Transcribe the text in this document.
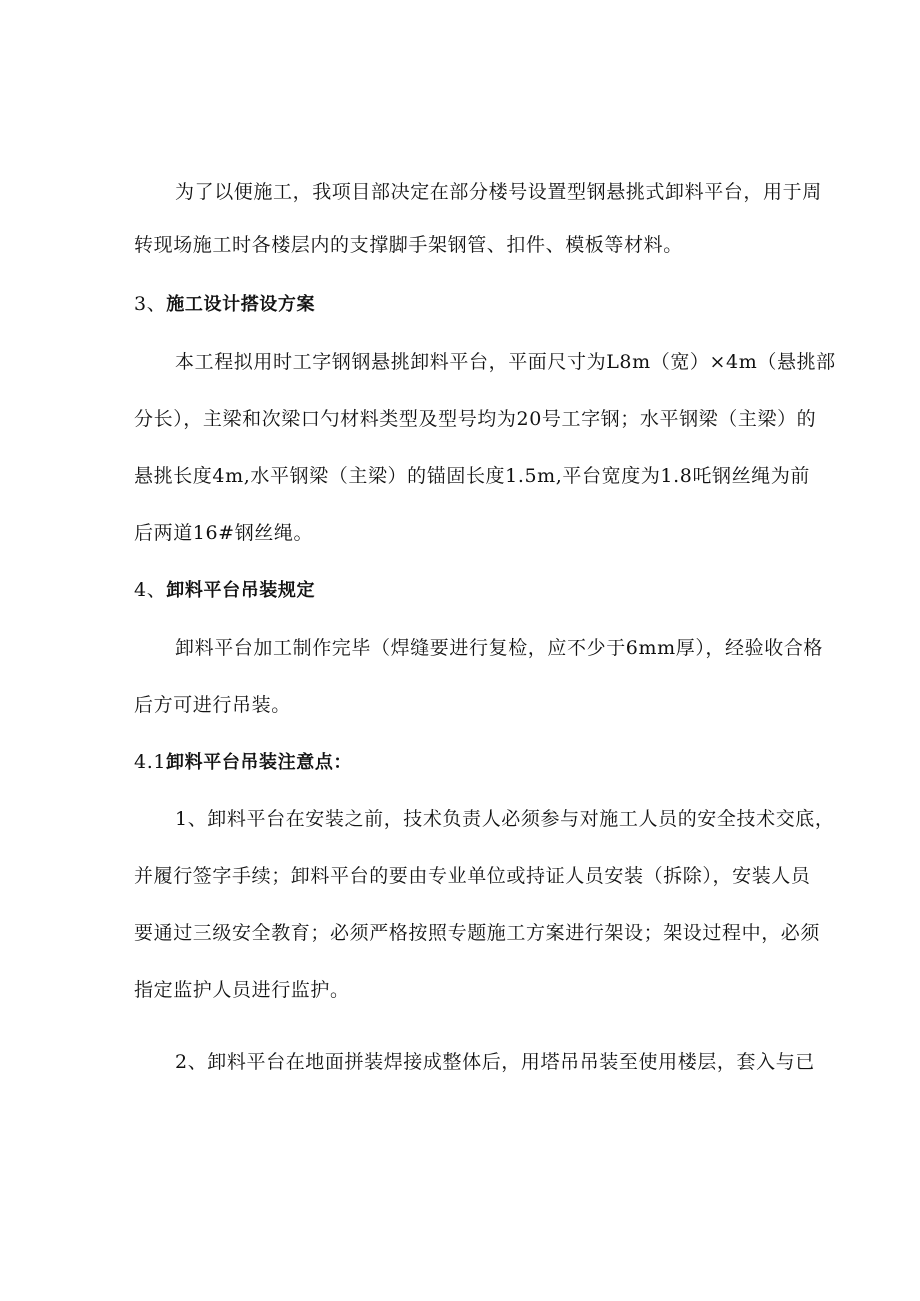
为了以便施工，我项目部决定在部分楼号设置型钢悬挑式卸料平台，用于周
转现场施工时各楼层内的支撑脚手架钢管、扣件、模板等材料。
3、施工设计搭设方案
本工程拟用时工字钢钢悬挑卸料平台，平面尺寸为L8m（宽）×4m（悬挑部
分长），主梁和次梁口勺材料类型及型号均为20号工字钢；水平钢梁（主梁）的
悬挑长度4m,水平钢梁（主梁）的锚固长度1.5m,平台宽度为1.8吒钢丝绳为前
后两道16#钢丝绳。
4、卸料平台吊装规定
卸料平台加工制作完毕（焊缝要进行复检，应不少于6mm厚），经验收合格
后方可进行吊装。
4.1卸料平台吊装注意点：
1、卸料平台在安装之前，技术负责人必须参与对施工人员的安全技术交底，
并履行签字手续；卸料平台的要由专业单位或持证人员安装（拆除），安装人员
要通过三级安全教育；必须严格按照专题施工方案进行架设；架设过程中，必须
指定监护人员进行监护。
2、卸料平台在地面拼装焊接成整体后，用塔吊吊装至使用楼层，套入与已
